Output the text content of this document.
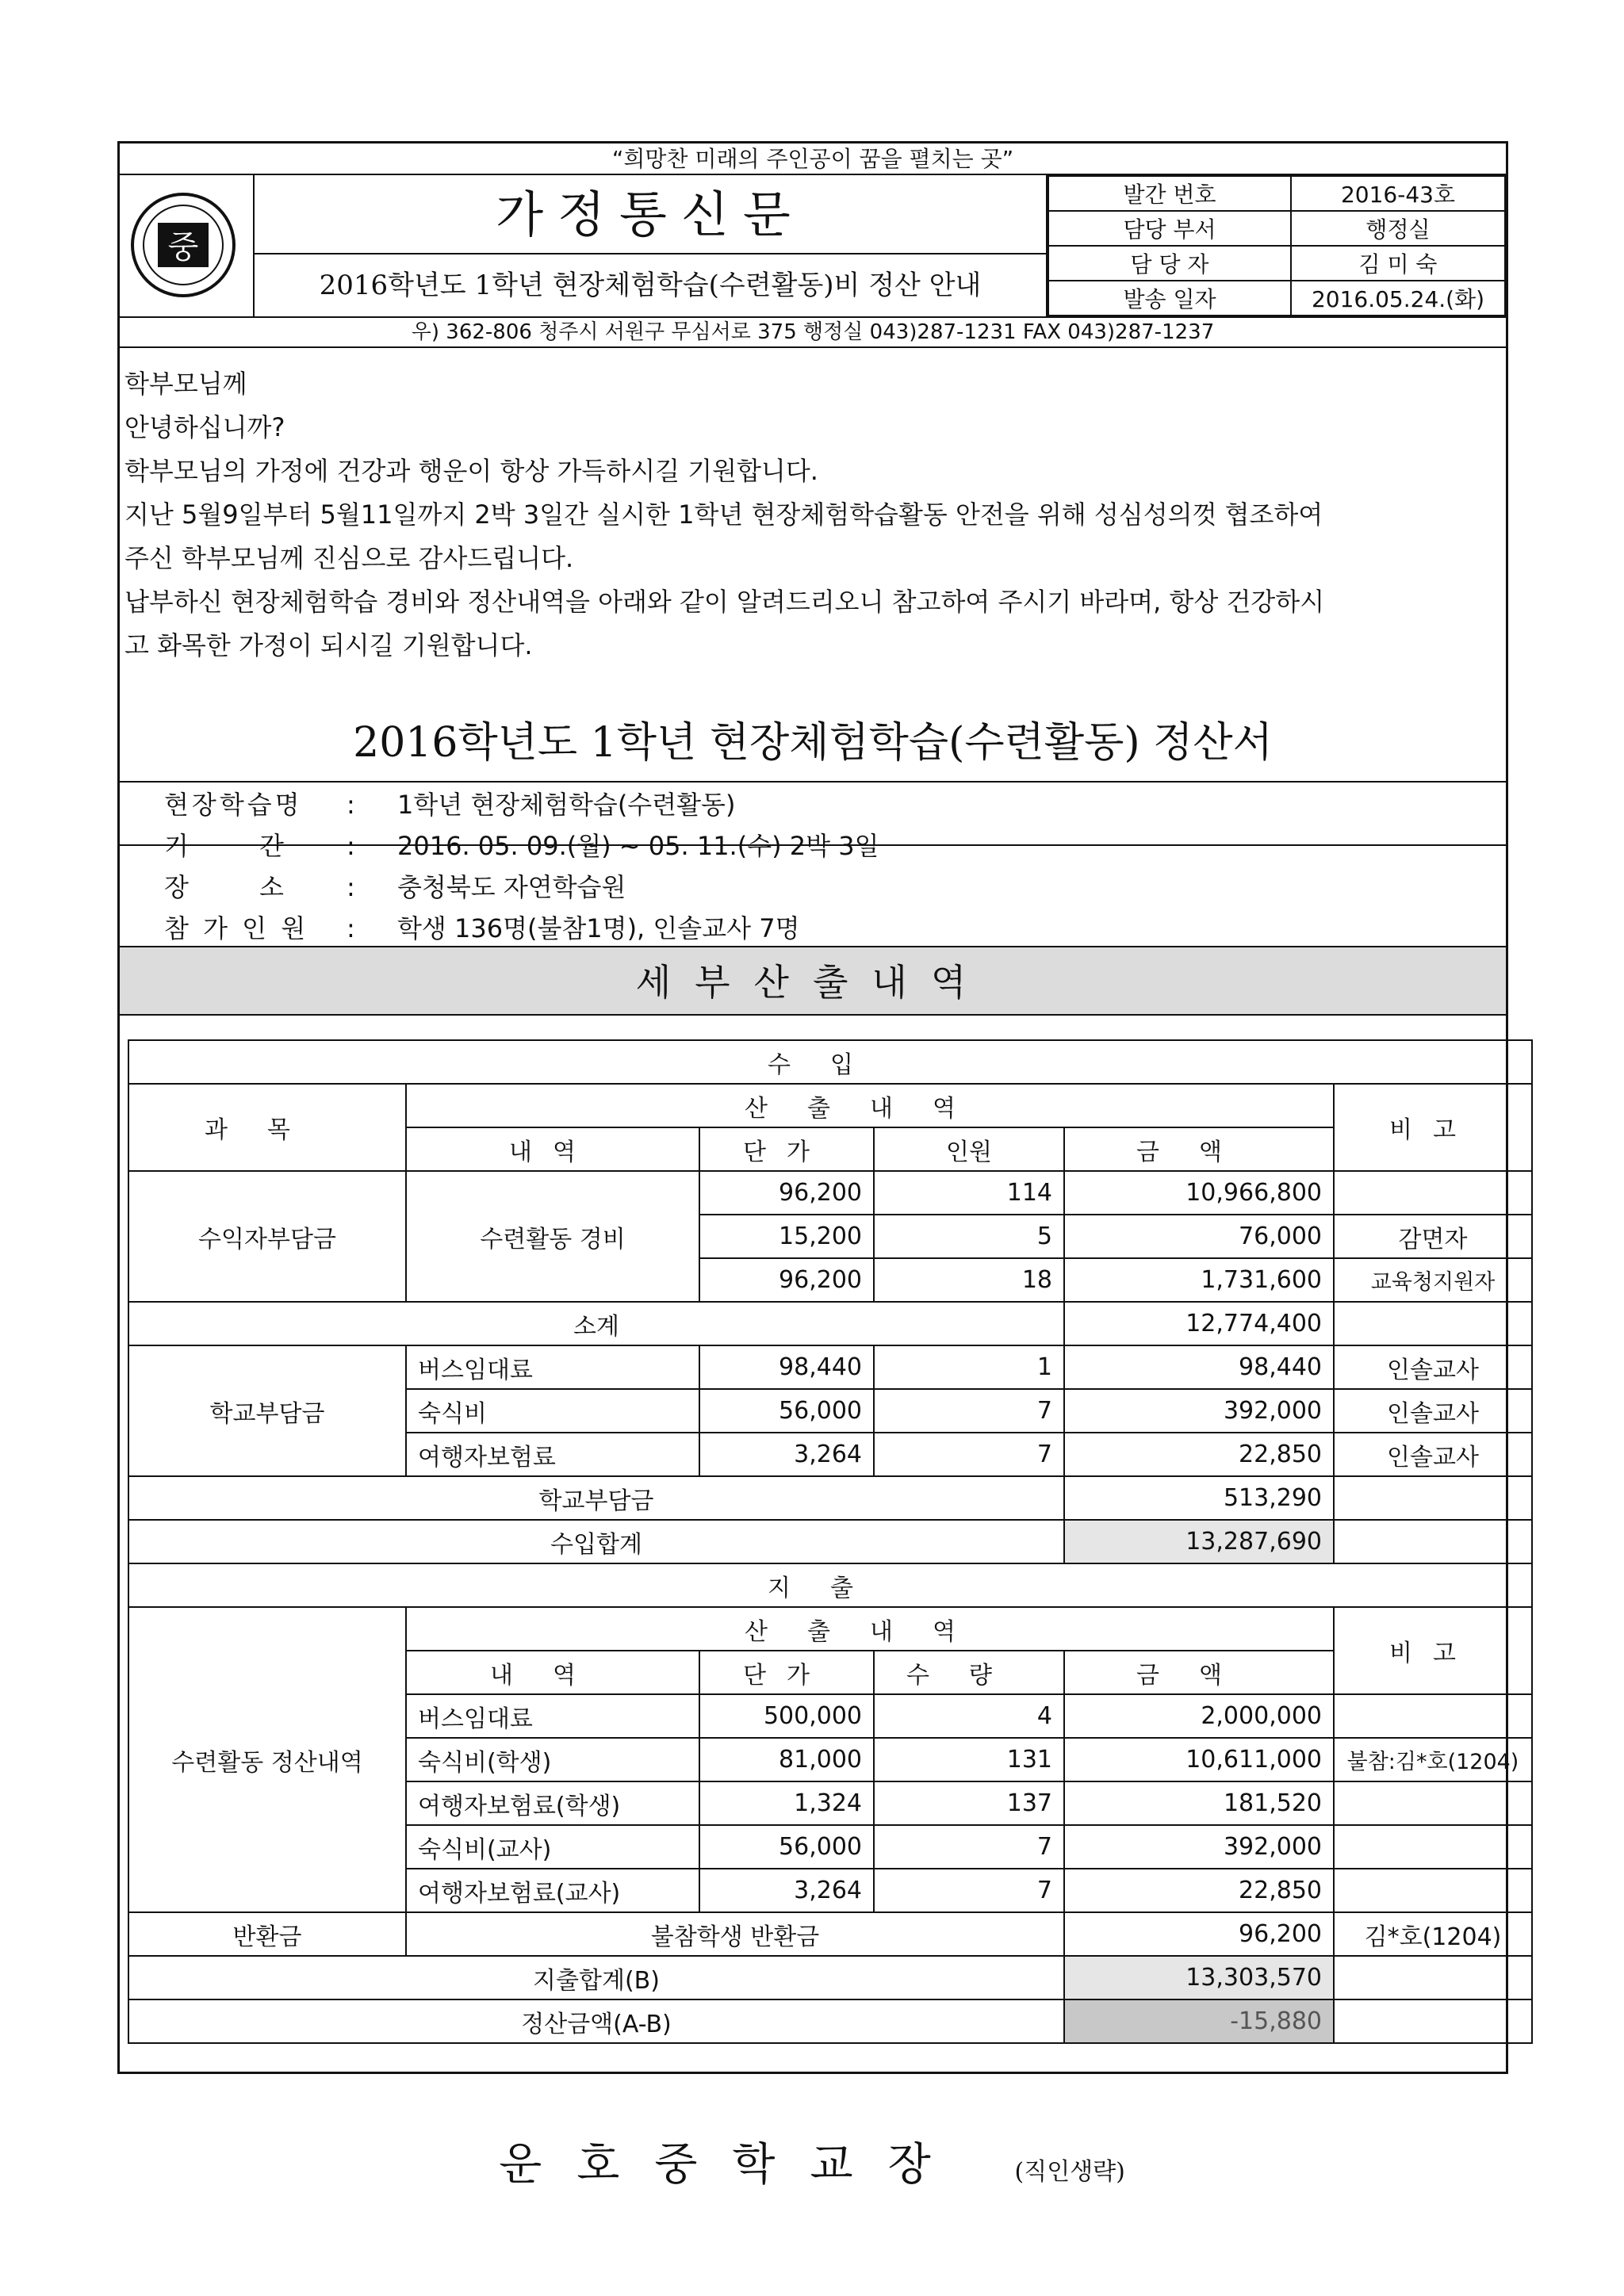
“희망찬 미래의 주인공이 꿈을 펼치는 곳”
중
가정통신문
2016학년도 1학년 현장체험학습(수련활동)비 정산 안내
발간 번호	2016-43호
담당 부서	행정실
담 당 자	김 미 숙
발송 일자	2016.05.24.(화)
우) 362-806 청주시 서원구 무심서로 375 행정실 043)287-1231 FAX 043)287-1237

학부모님께

안녕하십니까?

학부모님의 가정에 건강과 행운이 항상 가득하시길 기원합니다.

지난 5월9일부터 5월11일까지 2박 3일간 실시한 1학년 현장체험학습활동 안전을 위해 성심성의껏 협조하여

주신 학부모님께 진심으로 감사드립니다.

납부하신 현장체험학습 경비와 정산내역을 아래와 같이 알려드리오니 참고하여 주시기 바라며, 항상 건강하시

고 화목한 가정이 되시길 기원합니다.

2016학년도 1학년 현장체험학습(수련활동) 정산서
현장학습명 : 1학년 현장체험학습(수련활동)
기      간 : 2016. 05. 09.(월) ~ 05. 11.(수) 2박 3일
장      소 : 충청북도 자연학습원
참 가 인 원 : 학생 136명(불참1명), 인솔교사 7명
세부산출내역
수입					
과목	산출내역				비고
	내역	단가	인원	금액	
수익자부담금	수련활동 경비	96,200	114	10,966,800	
		15,200	5	76,000	감면자
		96,200	18	1,731,600	교육청지원자
소계				12,774,400	
학교부담금	버스임대료	98,440	1	98,440	인솔교사
	숙식비	56,000	7	392,000	인솔교사
	여행자보험료	3,264	7	22,850	인솔교사
학교부담금				513,290	
수입합계				13,287,690	
지출					
수련활동 정산내역	산출내역				비고
	내역	단가	수량	금액	
	버스임대료	500,000	4	2,000,000	
	숙식비(학생)	81,000	131	10,611,000	불참:김*호(1204)
	여행자보험료(학생)	1,324	137	181,520	
	숙식비(교사)	56,000	7	392,000	
	여행자보험료(교사)	3,264	7	22,850	
반환금	불참학생 반환금			96,200	김*호(1204)
지출합계(B)				13,303,570	
정산금액(A-B)				-15,880	
운호중학교장 (직인생략)
